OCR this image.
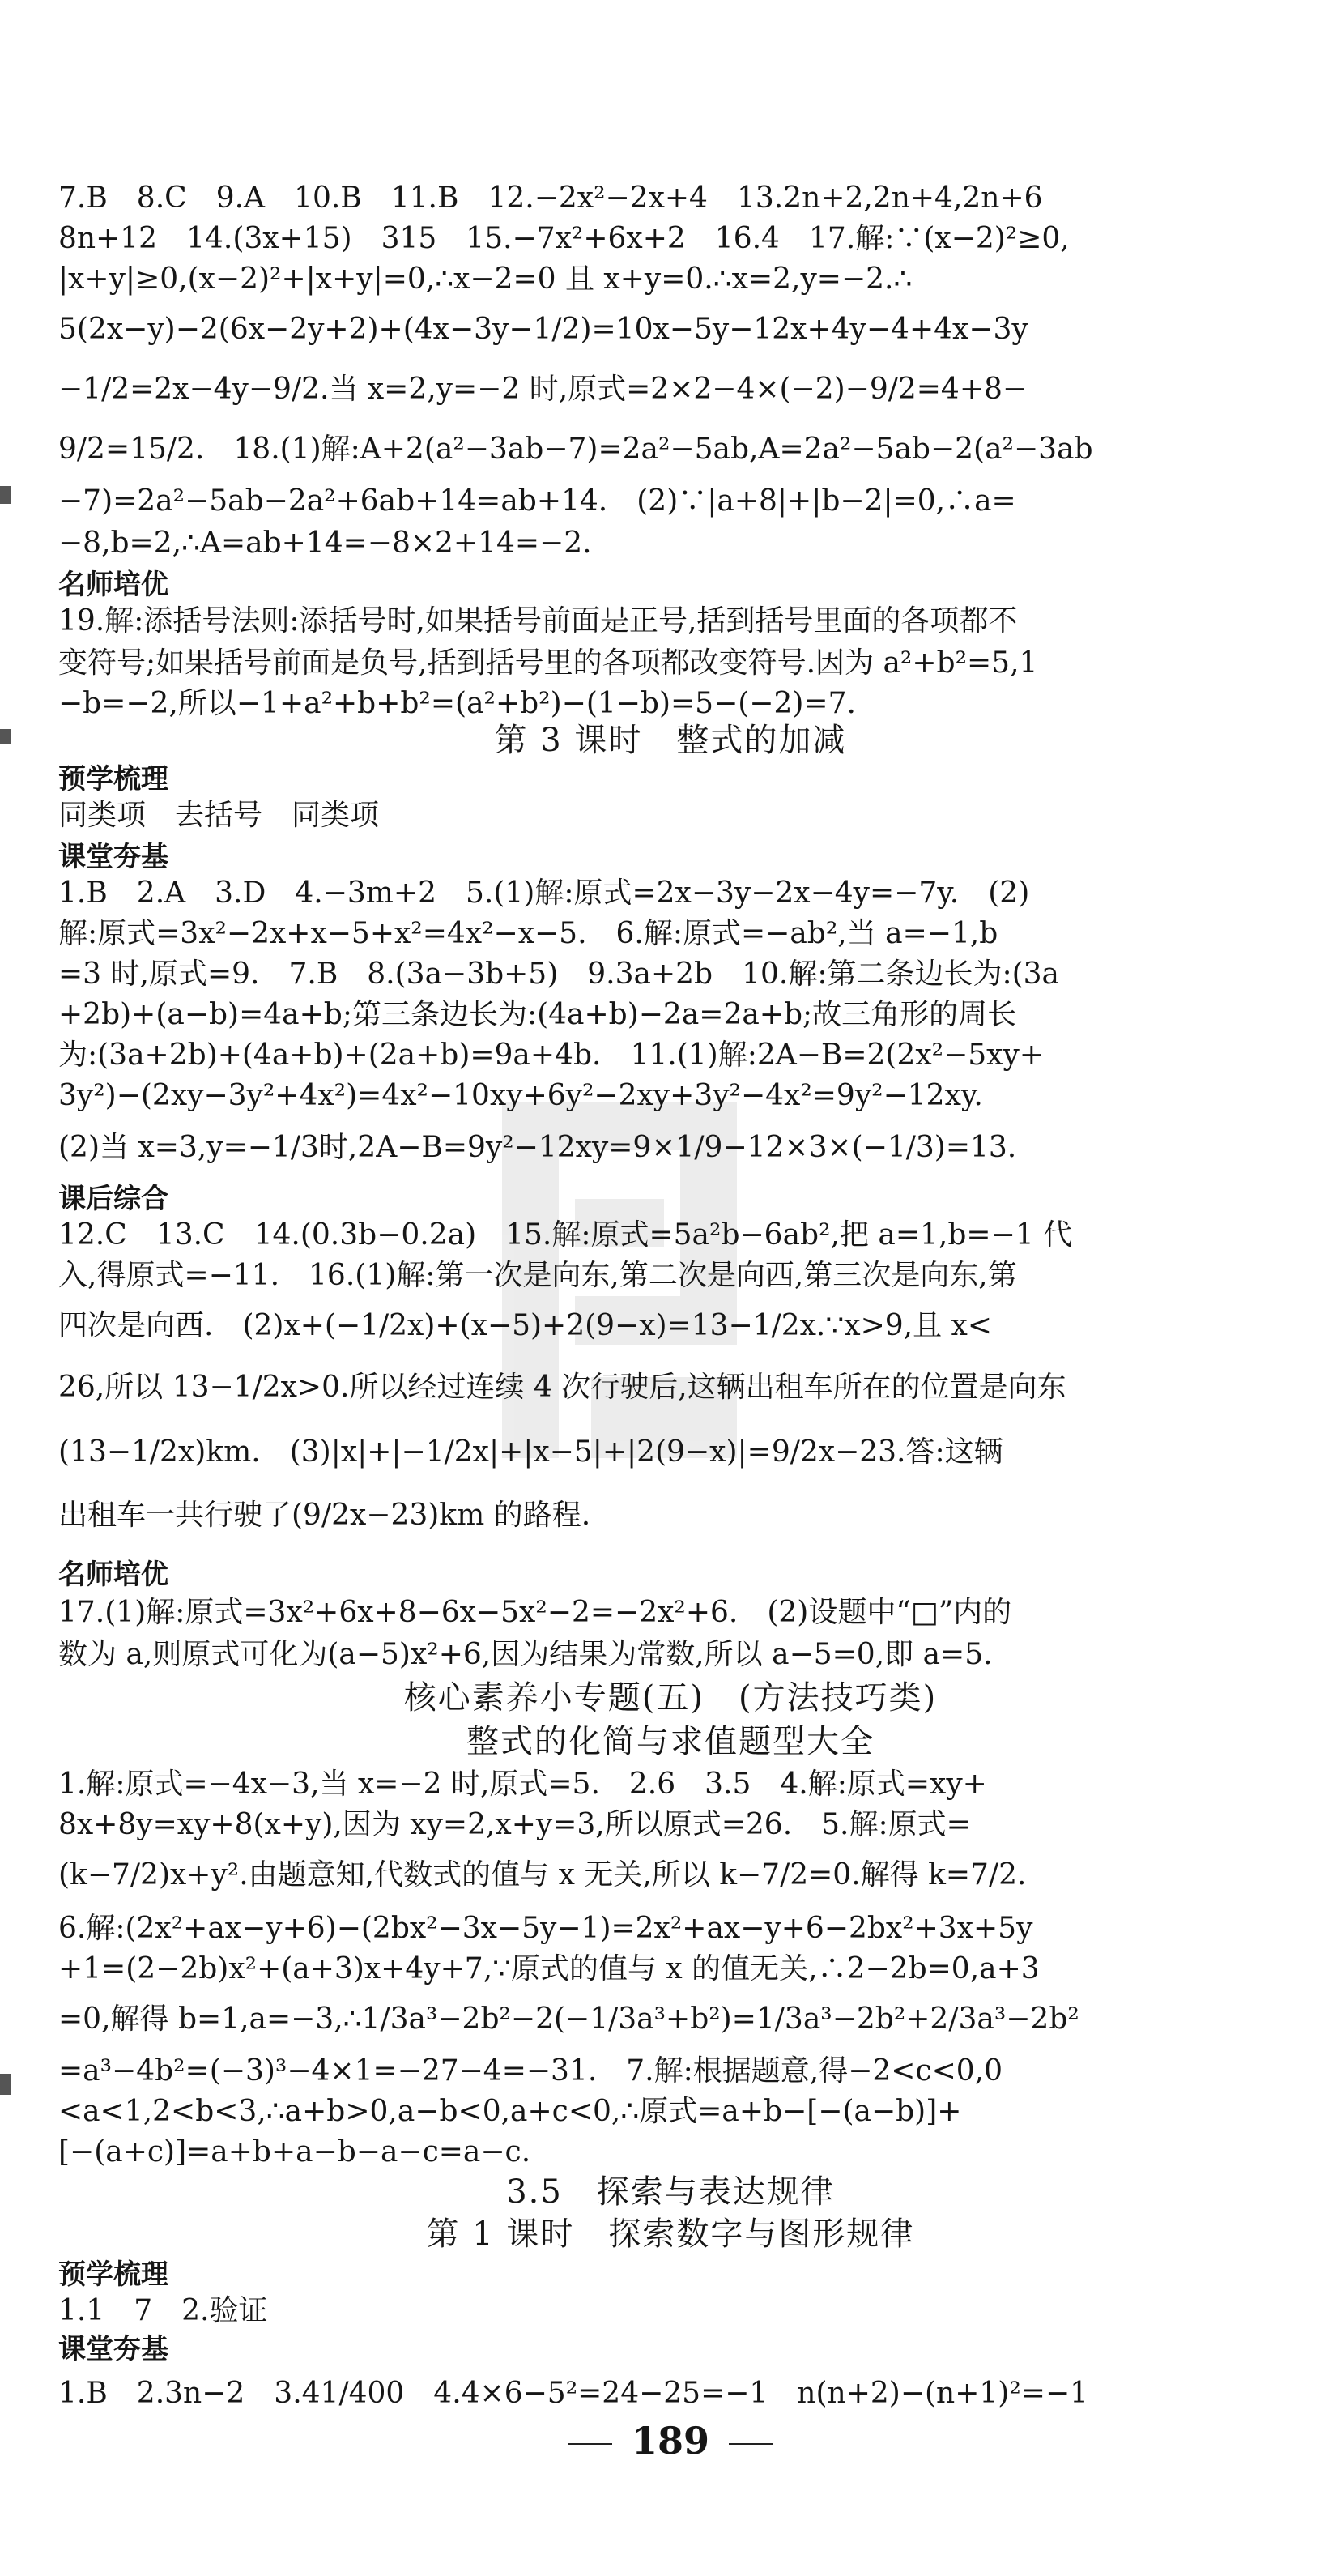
7.B　8.C　9.A　10.B　11.B　12.−2x²−2x+4　13.2n+2,2n+4,2n+6
8n+12　14.(3x+15)　315　15.−7x²+6x+2　16.4　17.解:∵(x−2)²≥0,
|x+y|≥0,(x−2)²+|x+y|=0,∴x−2=0 且 x+y=0.∴x=2,y=−2.∴
5(2x−y)−2(6x−2y+2)+(4x−3y−1/2)=10x−5y−12x+4y−4+4x−3y
−1/2=2x−4y−9/2.当 x=2,y=−2 时,原式=2×2−4×(−2)−9/2=4+8−
9/2=15/2.　18.(1)解:A+2(a²−3ab−7)=2a²−5ab,A=2a²−5ab−2(a²−3ab
−7)=2a²−5ab−2a²+6ab+14=ab+14.　(2)∵|a+8|+|b−2|=0,∴a=
−8,b=2,∴A=ab+14=−8×2+14=−2.
名师培优
19.解:添括号法则:添括号时,如果括号前面是正号,括到括号里面的各项都不
变符号;如果括号前面是负号,括到括号里的各项都改变符号.因为 a²+b²=5,1
−b=−2,所以−1+a²+b+b²=(a²+b²)−(1−b)=5−(−2)=7.
第 3 课时　整式的加减
预学梳理
同类项　去括号　同类项
课堂夯基
1.B　2.A　3.D　4.−3m+2　5.(1)解:原式=2x−3y−2x−4y=−7y.　(2)
解:原式=3x²−2x+x−5+x²=4x²−x−5.　6.解:原式=−ab²,当 a=−1,b
=3 时,原式=9.　7.B　8.(3a−3b+5)　9.3a+2b　10.解:第二条边长为:(3a
+2b)+(a−b)=4a+b;第三条边长为:(4a+b)−2a=2a+b;故三角形的周长
为:(3a+2b)+(4a+b)+(2a+b)=9a+4b.　11.(1)解:2A−B=2(2x²−5xy+
3y²)−(2xy−3y²+4x²)=4x²−10xy+6y²−2xy+3y²−4x²=9y²−12xy.
(2)当 x=3,y=−1/3时,2A−B=9y²−12xy=9×1/9−12×3×(−1/3)=13.
课后综合
12.C　13.C　14.(0.3b−0.2a)　15.解:原式=5a²b−6ab²,把 a=1,b=−1 代
入,得原式=−11.　16.(1)解:第一次是向东,第二次是向西,第三次是向东,第
四次是向西.　(2)x+(−1/2x)+(x−5)+2(9−x)=13−1/2x.∵x>9,且 x<
26,所以 13−1/2x>0.所以经过连续 4 次行驶后,这辆出租车所在的位置是向东
(13−1/2x)km.　(3)|x|+|−1/2x|+|x−5|+|2(9−x)|=9/2x−23.答:这辆
出租车一共行驶了(9/2x−23)km 的路程.
名师培优
17.(1)解:原式=3x²+6x+8−6x−5x²−2=−2x²+6.　(2)设题中“□”内的
数为 a,则原式可化为(a−5)x²+6,因为结果为常数,所以 a−5=0,即 a=5.
核心素养小专题(五)　(方法技巧类)
整式的化简与求值题型大全
1.解:原式=−4x−3,当 x=−2 时,原式=5.　2.6　3.5　4.解:原式=xy+
8x+8y=xy+8(x+y),因为 xy=2,x+y=3,所以原式=26.　5.解:原式=
(k−7/2)x+y².由题意知,代数式的值与 x 无关,所以 k−7/2=0.解得 k=7/2.
6.解:(2x²+ax−y+6)−(2bx²−3x−5y−1)=2x²+ax−y+6−2bx²+3x+5y
+1=(2−2b)x²+(a+3)x+4y+7,∵原式的值与 x 的值无关,∴2−2b=0,a+3
=0,解得 b=1,a=−3,∴1/3a³−2b²−2(−1/3a³+b²)=1/3a³−2b²+2/3a³−2b²
=a³−4b²=(−3)³−4×1=−27−4=−31.　7.解:根据题意,得−2<c<0,0
<a<1,2<b<3,∴a+b>0,a−b<0,a+c<0,∴原式=a+b−[−(a−b)]+
[−(a+c)]=a+b+a−b−a−c=a−c.
3.5　探索与表达规律
第 1 课时　探索数字与图形规律
预学梳理
1.1　7　2.验证
课堂夯基
1.B　2.3n−2　3.41/400　4.4×6−5²=24−25=−1　n(n+2)−(n+1)²=−1
189
